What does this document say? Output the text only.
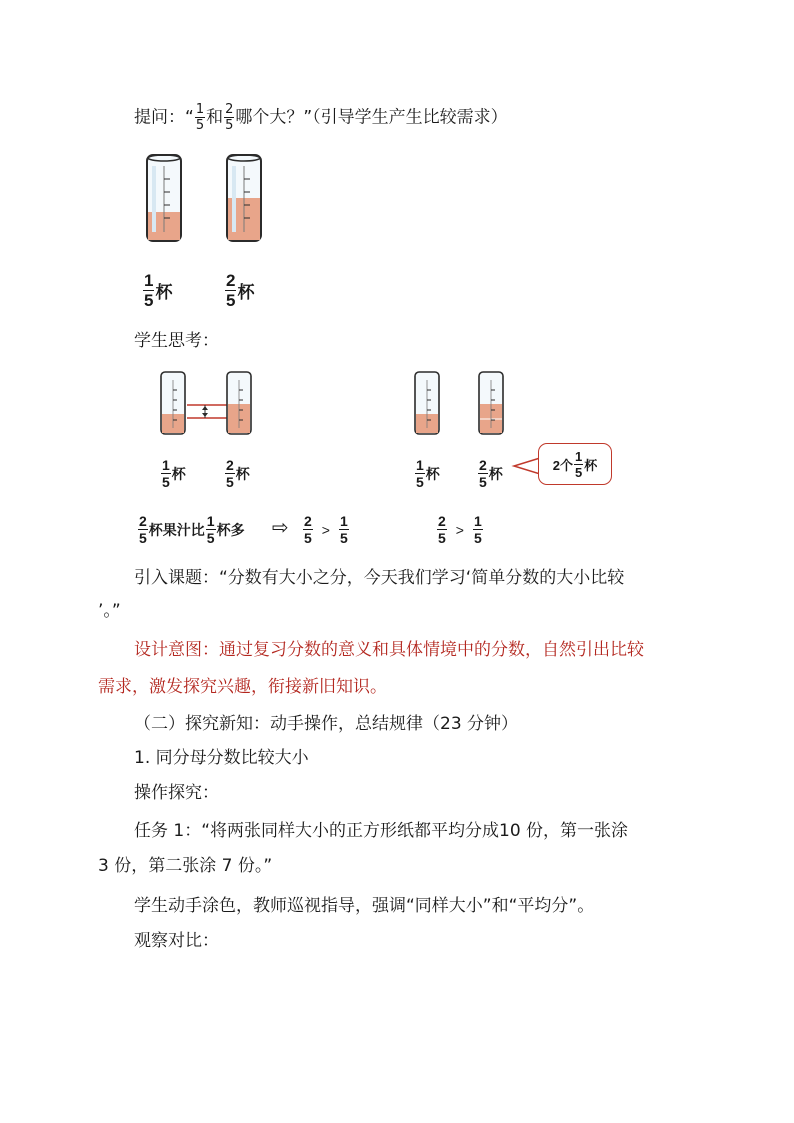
提问：“ $\frac{1}{5}$ 和 $\frac{2}{5}$ 哪个大？”（引导学生产生比较需求）
$\frac{1}{5}$ 杯	$\frac{2}{5}$ 杯
学生思考：
$\frac{1}{5}$ 杯	$\frac{2}{5}$ 杯
$\frac{2}{5}$ 杯果汁比 $\frac{1}{5}$ 杯多 ⇨ $\frac{2}{5} > \frac{1}{5}$
$\frac{1}{5}$ 杯	$\frac{2}{5}$ 杯
2个 $\frac{1}{5}$ 杯
$\frac{2}{5} > \frac{1}{5}$
引入课题：“分数有大小之分，今天我们学习‘简单分数的大小比较
’。”
设计意图：通过复习分数的意义和具体情境中的分数，自然引出比较
需求，激发探究兴趣，衔接新旧知识。
（二）探究新知：动手操作，总结规律（23 分钟）
1. 同分母分数比较大小
操作探究：
任务 1：“将两张同样大小的正方形纸都平均分成10 份，第一张涂
3 份，第二张涂 7 份。”
学生动手涂色，教师巡视指导，强调“同样大小”和“平均分”。
观察对比：
